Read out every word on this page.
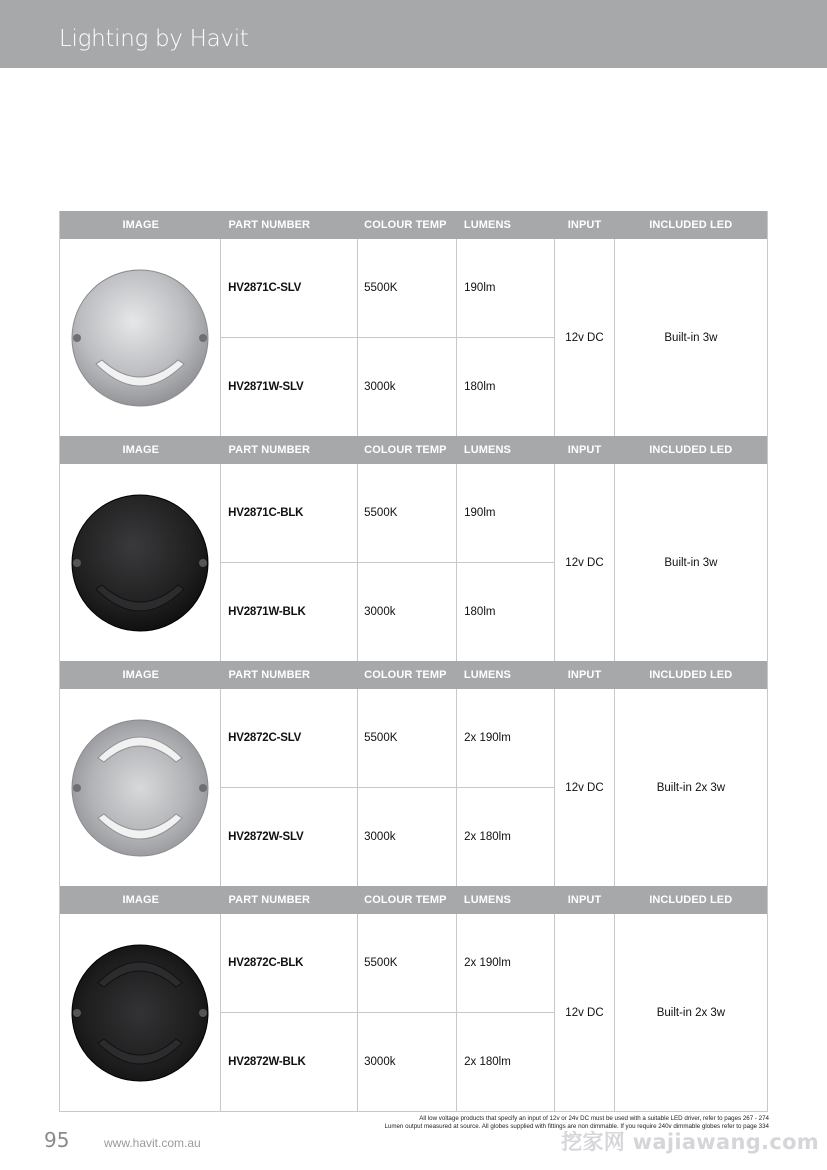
Lighting by Havit
IMAGE	PART NUMBER	COLOUR TEMP	LUMENS	INPUT	INCLUDED LED
HV2871C-SLV	5500K	190lm
HV2871W-SLV	3000k	180lm
12v DC	Built-in 3w
IMAGE	PART NUMBER	COLOUR TEMP	LUMENS	INPUT	INCLUDED LED
HV2871C-BLK	5500K	190lm
HV2871W-BLK	3000k	180lm
12v DC	Built-in 3w
IMAGE	PART NUMBER	COLOUR TEMP	LUMENS	INPUT	INCLUDED LED
HV2872C-SLV	5500K	2x 190lm
HV2872W-SLV	3000k	2x 180lm
12v DC	Built-in 2x 3w
IMAGE	PART NUMBER	COLOUR TEMP	LUMENS	INPUT	INCLUDED LED
HV2872C-BLK	5500K	2x 190lm
HV2872W-BLK	3000k	2x 180lm
12v DC	Built-in 2x 3w
All low voltage products that specify an input of 12v or 24v DC must be used with a suitable LED driver, refer to pages 267 - 274
Lumen output measured at source. All globes supplied with fittings are non dimmable. If you require 240v dimmable globes refer to page 334
95	www.havit.com.au	挖家网 wajiawang.com
